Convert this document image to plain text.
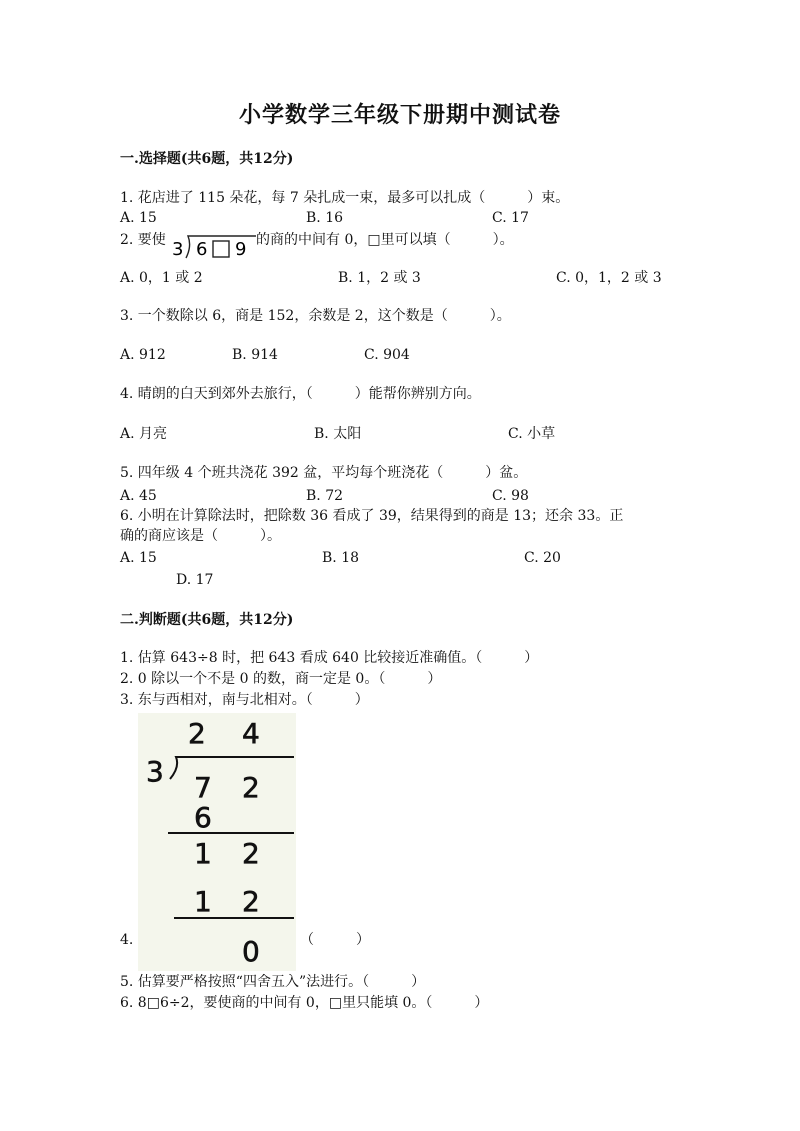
小学数学三年级下册期中测试卷
一.选择题(共6题，共12分)
1. 花店进了 115 朵花，每 7 朵扎成一束，最多可以扎成（　　　）束。
A. 15	B. 16	C. 17
2. 要使 3 6 9 的商的中间有 0，□里可以填（　　　）。
A. 0，1 或 2	B. 1，2 或 3	C. 0，1，2 或 3
3. 一个数除以 6，商是 152，余数是 2，这个数是（　　　）。
A. 912	B. 914	C. 904
4. 晴朗的白天到郊外去旅行，（　　　）能帮你辨别方向。
A. 月亮	B. 太阳	C. 小草
5. 四年级 4 个班共浇花 392 盆，平均每个班浇花（　　　）盆。
A. 45	B. 72	C. 98
6. 小明在计算除法时，把除数 36 看成了 39，结果得到的商是 13；还余 33。正
确的商应该是（　　　）。
A. 15	B. 18	C. 20
D. 17
二.判断题(共6题，共12分)
1. 估算 643÷8 时，把 643 看成 640 比较接近准确值。（　　　）
2. 0 除以一个不是 0 的数，商一定是 0。（　　　）
3. 东与西相对，南与北相对。（　　　）
2 4
3 7 2
6
1 2
1 2
0
4.	（　　　）
5. 估算要严格按照“四舍五入”法进行。（　　　）
6. 8□6÷2，要使商的中间有 0，□里只能填 0。（　　　）
